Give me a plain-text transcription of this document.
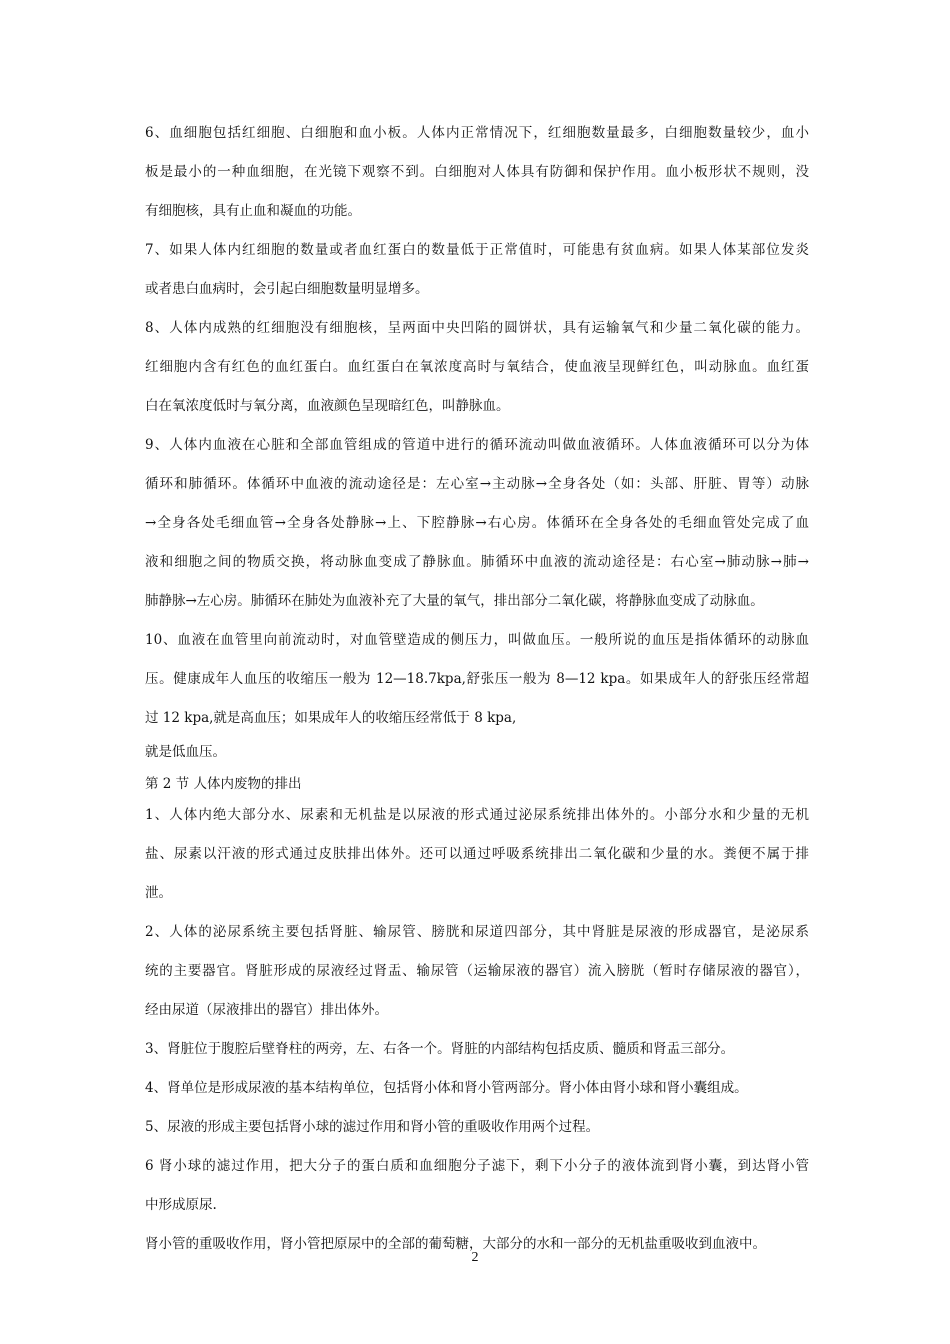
6、血细胞包括红细胞、白细胞和血小板。人体内正常情况下，红细胞数量最多，白细胞数量较少，血小
板是最小的一种血细胞，在光镜下观察不到。白细胞对人体具有防御和保护作用。血小板形状不规则，没
有细胞核，具有止血和凝血的功能。
7、如果人体内红细胞的数量或者血红蛋白的数量低于正常值时，可能患有贫血病。如果人体某部位发炎
或者患白血病时，会引起白细胞数量明显增多。
8、人体内成熟的红细胞没有细胞核，呈两面中央凹陷的圆饼状，具有运输氧气和少量二氧化碳的能力。
红细胞内含有红色的血红蛋白。血红蛋白在氧浓度高时与氧结合，使血液呈现鲜红色，叫动脉血。血红蛋
白在氧浓度低时与氧分离，血液颜色呈现暗红色，叫静脉血。
9、人体内血液在心脏和全部血管组成的管道中进行的循环流动叫做血液循环。人体血液循环可以分为体
循环和肺循环。体循环中血液的流动途径是：左心室→主动脉→全身各处（如：头部、肝脏、胃等）动脉
→全身各处毛细血管→全身各处静脉→上、下腔静脉→右心房。体循环在全身各处的毛细血管处完成了血
液和细胞之间的物质交换，将动脉血变成了静脉血。肺循环中血液的流动途径是：右心室→肺动脉→肺→
肺静脉→左心房。肺循环在肺处为血液补充了大量的氧气，排出部分二氧化碳，将静脉血变成了动脉血。
10、血液在血管里向前流动时，对血管壁造成的侧压力，叫做血压。一般所说的血压是指体循环的动脉血
压。健康成年人血压的收缩压一般为 12—18.7kpa,舒张压一般为 8—12 kpa。如果成年人的舒张压经常超
过 12 kpa,就是高血压；如果成年人的收缩压经常低于 8 kpa,
就是低血压。
第 2 节 人体内废物的排出
1、人体内绝大部分水、尿素和无机盐是以尿液的形式通过泌尿系统排出体外的。小部分水和少量的无机
盐、尿素以汗液的形式通过皮肤排出体外。还可以通过呼吸系统排出二氧化碳和少量的水。粪便不属于排
泄。
2、人体的泌尿系统主要包括肾脏、输尿管、膀胱和尿道四部分，其中肾脏是尿液的形成器官，是泌尿系
统的主要器官。肾脏形成的尿液经过肾盂、输尿管（运输尿液的器官）流入膀胱（暂时存储尿液的器官），
经由尿道（尿液排出的器官）排出体外。
3、肾脏位于腹腔后壁脊柱的两旁，左、右各一个。肾脏的内部结构包括皮质、髓质和肾盂三部分。
4、肾单位是形成尿液的基本结构单位，包括肾小体和肾小管两部分。肾小体由肾小球和肾小囊组成。
5、尿液的形成主要包括肾小球的滤过作用和肾小管的重吸收作用两个过程。
6 肾小球的滤过作用，把大分子的蛋白质和血细胞分子滤下，剩下小分子的液体流到肾小囊，到达肾小管
中形成原尿.
肾小管的重吸收作用，肾小管把原尿中的全部的葡萄糖，大部分的水和一部分的无机盐重吸收到血液中。
2
